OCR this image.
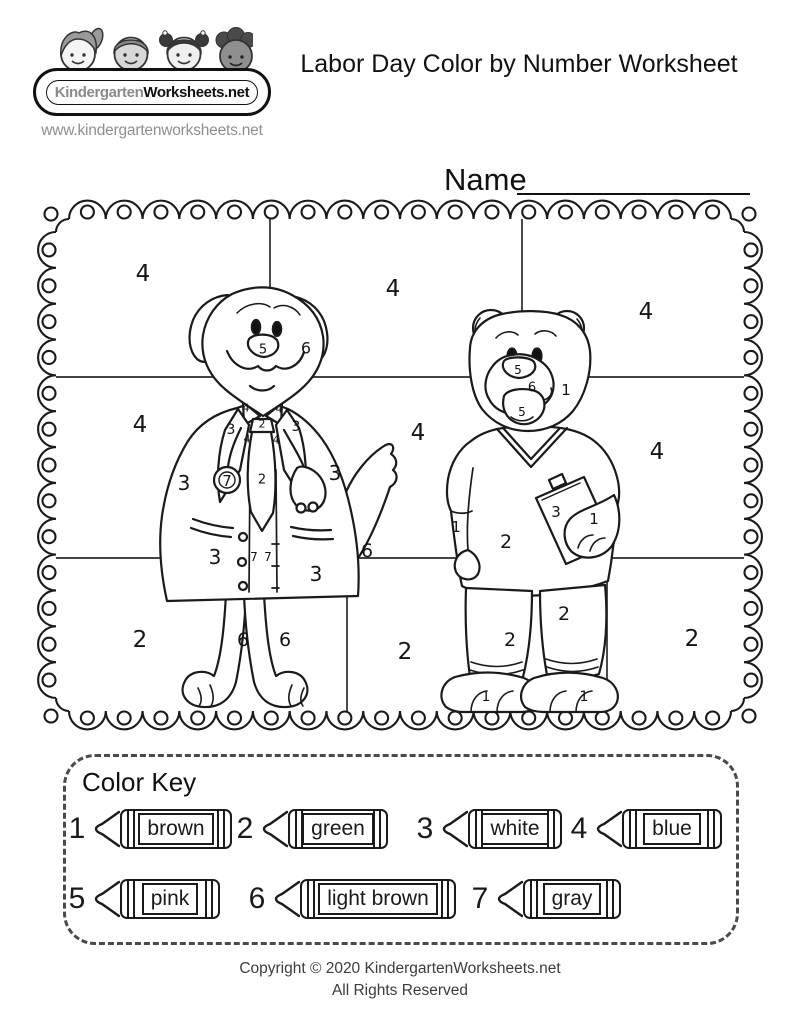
KindergartenWorksheets.net
www.kindergartenworksheets.net
Labor Day Color by Number Worksheet
Name
4
4
4
4	4
4
2	2	2
5 6
4 4
2
3	3
4 4
3 7 2	3
3 7 7
3
6
6 6
5
6
5
1
1
2
3 1
2
2
1	1
Color Key
1	brown	2	green	3	white	4	blue
5	pink	6	light brown	7	gray
Copyright © 2020 KindergartenWorksheets.net
All Rights Reserved
